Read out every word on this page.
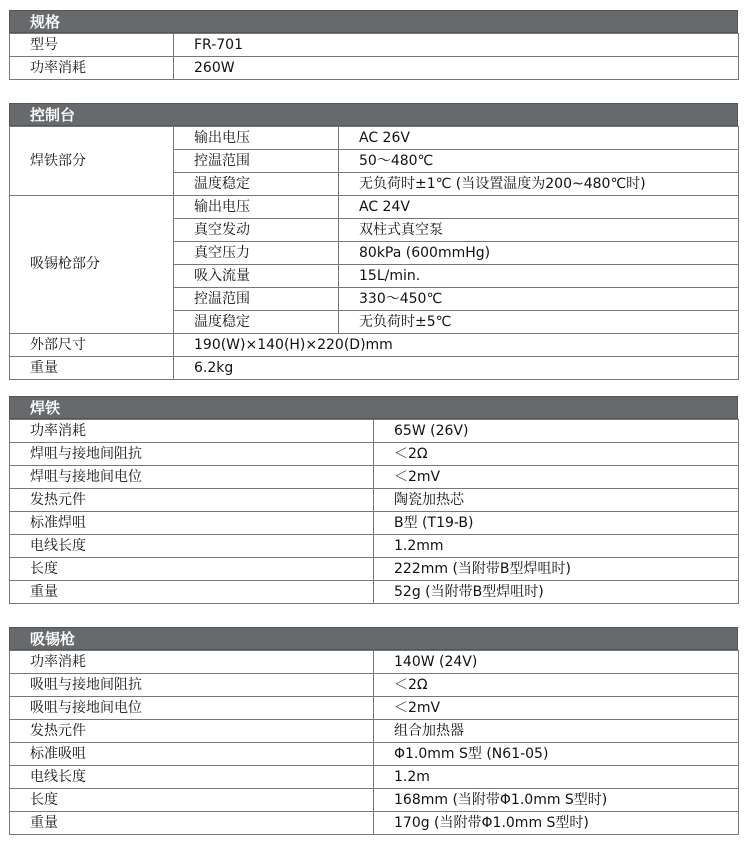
规格
型号	FR-701
功率消耗	260W
控制台
焊铁部分	输出电压	AC 26V
	控温范围	50～480℃
	温度稳定	无负荷时±1℃ (当设置温度为200~480℃时)
吸锡枪部分	输出电压	AC 24V
	真空发动	双柱式真空泵
	真空压力	80kPa (600mmHg)
	吸入流量	15L/min.
	控温范围	330～450℃
	温度稳定	无负荷时±5℃
外部尺寸	190(W)×140(H)×220(D)mm	
重量	6.2kg	
焊铁
功率消耗	65W (26V)
焊咀与接地间阻抗	＜2Ω
焊咀与接地间电位	＜2mV
发热元件	陶瓷加热芯
标准焊咀	B型 (T19-B)
电线长度	1.2mm
长度	222mm (当附带B型焊咀时)
重量	52g (当附带B型焊咀时)
吸锡枪
功率消耗	140W (24V)
吸咀与接地间阻抗	＜2Ω
吸咀与接地间电位	＜2mV
发热元件	组合加热器
标准吸咀	Φ1.0mm S型 (N61-05)
电线长度	1.2m
长度	168mm (当附带Φ1.0mm S型时)
重量	170g (当附带Φ1.0mm S型时)
